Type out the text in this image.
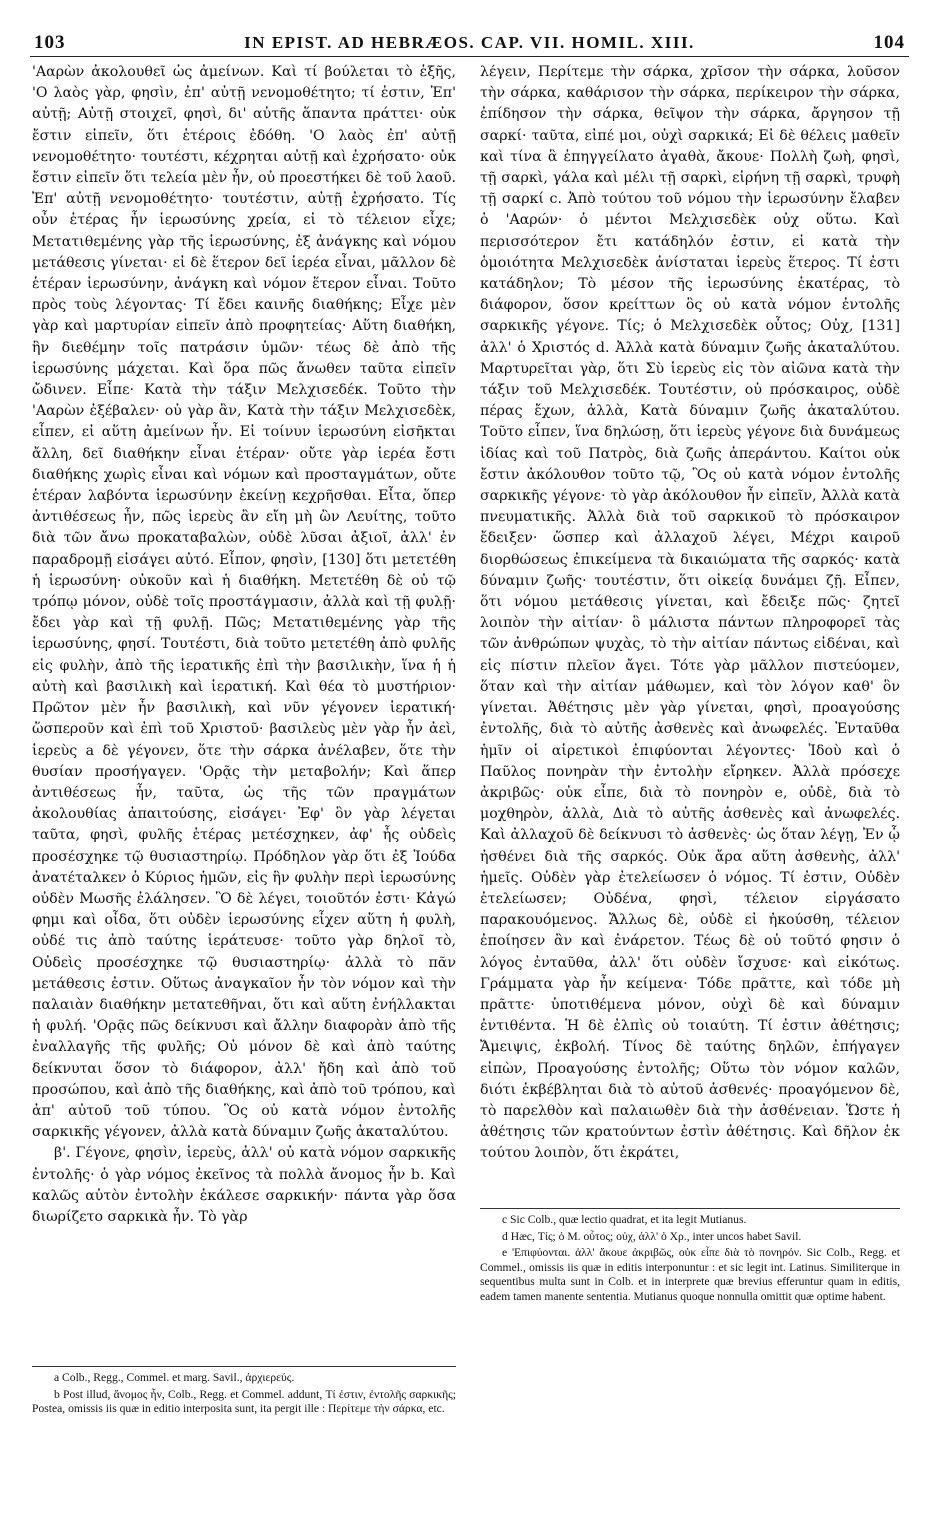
103	IN EPIST. AD HEBRÆOS. CAP. VII. HOMIL. XIII.	104

'Ααρὼν ἀκολουθεῖ ὡς ἀμείνων. Καὶ τί βούλεται τὸ ἑξῆς, 'Ο λαὸς γὰρ, φησὶν, ἐπ' αὐτῇ νενομοθέτητο; τί ἐστιν, Ἐπ' αὐτῇ; Αὐτῇ στοιχεῖ, φησὶ, δι' αὐτῆς ἅπαντα πράττει· οὐκ ἔστιν εἰπεῖν, ὅτι ἑτέροις ἐδόθη. 'Ο λαὸς ἐπ' αὐτῇ νενομοθέτητο· τουτέστι, κέχρηται αὐτῇ καὶ ἐχρήσατο· οὐκ ἔστιν εἰπεῖν ὅτι τελεία μὲν ἦν, οὐ προεστήκει δὲ τοῦ λαοῦ. Ἐπ' αὐτῇ νενομοθέτητο· τουτέστιν, αὐτῇ ἐχρήσατο. Τίς οὖν ἑτέρας ἦν ἱερωσύνης χρεία, εἰ τὸ τέλειον εἶχε; Μετατιθεμένης γὰρ τῆς ἱερωσύνης, ἐξ ἀνάγκης καὶ νόμου μετάθεσις γίνεται· εἰ δὲ ἕτερον δεῖ ἱερέα εἶναι, μᾶλλον δὲ ἑτέραν ἱερωσύνην, ἀνάγκη καὶ νόμον ἕτερον εἶναι. Τοῦτο πρὸς τοὺς λέγοντας· Τί ἔδει καινῆς διαθήκης; Εἶχε μὲν γὰρ καὶ μαρτυρίαν εἰπεῖν ἀπὸ προφητείας· Αὕτη διαθήκη, ἣν διεθέμην τοῖς πατράσιν ὑμῶν· τέως δὲ ἀπὸ τῆς ἱερωσύνης μάχεται. Καὶ ὅρα πῶς ἄνωθεν ταῦτα εἰπεῖν ὤδινεν. Εἶπε· Κατὰ τὴν τάξιν Μελχισεδέκ. Τοῦτο τὴν 'Ααρὼν ἐξέβαλεν· οὐ γὰρ ἂν, Κατὰ τὴν τάξιν Μελχισεδὲκ, εἶπεν, εἰ αὕτη ἀμείνων ἦν. Εἰ τοίνυν ἱερωσύνη εἰσῆκται ἄλλη, δεῖ διαθήκην εἶναι ἑτέραν· οὔτε γὰρ ἱερέα ἔστι διαθήκης χωρὶς εἶναι καὶ νόμων καὶ προσταγμάτων, οὔτε ἑτέραν λαβόντα ἱερωσύνην ἐκείνῃ κεχρῆσθαι. Εἶτα, ὅπερ ἀντιθέσεως ἦν, πῶς ἱερεὺς ἂν εἴη μὴ ὢν Λευίτης, τοῦτο διὰ τῶν ἄνω προκαταβαλὼν, οὐδὲ λῦσαι ἀξιοῖ, ἀλλ' ἐν παραδρομῇ εἰσάγει αὐτό. Εἶπον, φησὶν, [130] ὅτι μετετέθη ἡ ἱερωσύνη· οὐκοῦν καὶ ἡ διαθήκη. Μετετέθη δὲ οὐ τῷ τρόπῳ μόνον, οὐδὲ τοῖς προστάγμασιν, ἀλλὰ καὶ τῇ φυλῇ· ἔδει γὰρ καὶ τῇ φυλῇ. Πῶς; Μετατιθεμένης γὰρ τῆς ἱερωσύνης, φησί. Τουτέστι, διὰ τοῦτο μετετέθη ἀπὸ φυλῆς εἰς φυλὴν, ἀπὸ τῆς ἱερατικῆς ἐπὶ τὴν βασιλικὴν, ἵνα ἡ ἡ αὐτὴ καὶ βασιλικὴ καὶ ἱερατική. Καὶ θέα τὸ μυστήριον· Πρῶτον μὲν ἦν βασιλικὴ, καὶ νῦν γέγονεν ἱερατική· ὥσπεροῦν καὶ ἐπὶ τοῦ Χριστοῦ· βασιλεὺς μὲν γὰρ ἦν ἀεὶ, ἱερεὺς a δὲ γέγονεν, ὅτε τὴν σάρκα ἀνέλαβεν, ὅτε τὴν θυσίαν προσήγαγεν. 'Ορᾷς τὴν μεταβολήν; Καὶ ἅπερ ἀντιθέσεως ἦν, ταῦτα, ὡς τῆς τῶν πραγμάτων ἀκολουθίας ἀπαιτούσης, εἰσάγει· Ἐφ' ὃν γὰρ λέγεται ταῦτα, φησὶ, φυλῆς ἑτέρας μετέσχηκεν, ἀφ' ἧς οὐδεὶς προσέσχηκε τῷ θυσιαστηρίῳ. Πρόδηλον γὰρ ὅτι ἐξ Ἰούδα ἀνατέταλκεν ὁ Κύριος ἡμῶν, εἰς ἣν φυλὴν περὶ ἱερωσύνης οὐδὲν Μωσῆς ἐλάλησεν. Ὃ δὲ λέγει, τοιοῦτόν ἐστι· Κἀγώ φημι καὶ οἶδα, ὅτι οὐδὲν ἱερωσύνης εἶχεν αὕτη ἡ φυλὴ, οὐδέ τις ἀπὸ ταύτης ἱεράτευσε· τοῦτο γὰρ δηλοῖ τὸ, Οὐδεὶς προσέσχηκε τῷ θυσιαστηρίῳ· ἀλλὰ τὸ πᾶν μετάθεσις ἐστιν. Οὕτως ἀναγκαῖον ἦν τὸν νόμον καὶ τὴν παλαιὰν διαθήκην μετατεθῆναι, ὅτι καὶ αὕτη ἐνήλλακται ἡ φυλή. 'Ορᾷς πῶς δείκνυσι καὶ ἄλλην διαφορὰν ἀπὸ τῆς ἐναλλαγῆς τῆς φυλῆς; Οὐ μόνον δὲ καὶ ἀπὸ ταύτης δείκνυται ὅσον τὸ διάφορον, ἀλλ' ἤδη καὶ ἀπὸ τοῦ προσώπου, καὶ ἀπὸ τῆς διαθήκης, καὶ ἀπὸ τοῦ τρόπου, καὶ ἀπ' αὐτοῦ τοῦ τύπου. Ὃς οὐ κατὰ νόμον ἐντολῆς σαρκικῆς γέγονεν, ἀλλὰ κατὰ δύναμιν ζωῆς ἀκαταλύτου.

β'. Γέγονε, φησὶν, ἱερεὺς, ἀλλ' οὐ κατὰ νόμον σαρκικῆς ἐντολῆς· ὁ γὰρ νόμος ἐκεῖνος τὰ πολλὰ ἄνομος ἦν b. Καὶ καλῶς αὐτὸν ἐντολὴν ἐκάλεσε σαρκικήν· πάντα γὰρ ὅσα διωρίζετο σαρκικὰ ἦν. Τὸ γὰρ

λέγειν, Περίτεμε τὴν σάρκα, χρῖσον τὴν σάρκα, λοῦσον τὴν σάρκα, καθάρισον τὴν σάρκα, περίκειρον τὴν σάρκα, ἐπίδησον τὴν σάρκα, θεῖψον τὴν σάρκα, ἄργησον τῇ σαρκί· ταῦτα, εἰπέ μοι, οὐχὶ σαρκικά; Εἰ δὲ θέλεις μαθεῖν καὶ τίνα ἃ ἐπηγγείλατο ἀγαθὰ, ἄκουε· Πολλὴ ζωὴ, φησὶ, τῇ σαρκὶ, γάλα καὶ μέλι τῇ σαρκὶ, εἰρήνη τῇ σαρκὶ, τρυφὴ τῇ σαρκί c. Ἀπὸ τούτου τοῦ νόμου τὴν ἱερωσύνην ἔλαβεν ὁ 'Ααρών· ὁ μέντοι Μελχισεδὲκ οὐχ οὕτω. Καὶ περισσότερον ἔτι κατάδηλόν ἐστιν, εἰ κατὰ τὴν ὁμοιότητα Μελχισεδὲκ ἀνίσταται ἱερεὺς ἕτερος. Τί ἐστι κατάδηλον; Τὸ μέσον τῆς ἱερωσύνης ἑκατέρας, τὸ διάφορον, ὅσον κρείττων ὃς οὐ κατὰ νόμον ἐντολῆς σαρκικῆς γέγονε. Τίς; ὁ Μελχισεδὲκ οὗτος; Οὐχ, [131] ἀλλ' ὁ Χριστός d. Ἀλλὰ κατὰ δύναμιν ζωῆς ἀκαταλύτου. Μαρτυρεῖται γὰρ, ὅτι Σὺ ἱερεὺς εἰς τὸν αἰῶνα κατὰ τὴν τάξιν τοῦ Μελχισεδέκ. Τουτέστιν, οὐ πρόσκαιρος, οὐδὲ πέρας ἔχων, ἀλλὰ, Κατὰ δύναμιν ζωῆς ἀκαταλύτου. Τοῦτο εἶπεν, ἵνα δηλώσῃ, ὅτι ἱερεὺς γέγονε διὰ δυνάμεως ἰδίας καὶ τοῦ Πατρὸς, διὰ ζωῆς ἀπεράντου. Καίτοι οὐκ ἔστιν ἀκόλουθον τοῦτο τῷ, Ὃς οὐ κατὰ νόμον ἐντολῆς σαρκικῆς γέγονε· τὸ γὰρ ἀκόλουθον ἦν εἰπεῖν, Ἀλλὰ κατὰ πνευματικῆς. Ἀλλὰ διὰ τοῦ σαρκικοῦ τὸ πρόσκαιρον ἔδειξεν· ὥσπερ καὶ ἀλλαχοῦ λέγει, Μέχρι καιροῦ διορθώσεως ἐπικείμενα τὰ δικαιώματα τῆς σαρκός· κατὰ δύναμιν ζωῆς· τουτέστιν, ὅτι οἰκείᾳ δυνάμει ζῇ. Εἶπεν, ὅτι νόμου μετάθεσις γίνεται, καὶ ἔδειξε πῶς· ζητεῖ λοιπὸν τὴν αἰτίαν· ὃ μάλιστα πάντων πληροφορεῖ τὰς τῶν ἀνθρώπων ψυχὰς, τὸ τὴν αἰτίαν πάντως εἰδέναι, καὶ εἰς πίστιν πλεῖον ἄγει. Τότε γὰρ μᾶλλον πιστεύομεν, ὅταν καὶ τὴν αἰτίαν μάθωμεν, καὶ τὸν λόγον καθ' ὃν γίνεται. Ἀθέτησις μὲν γὰρ γίνεται, φησὶ, προαγούσης ἐντολῆς, διὰ τὸ αὐτῆς ἀσθενὲς καὶ ἀνωφελές. Ἐνταῦθα ἡμῖν οἱ αἱρετικοὶ ἐπιφύονται λέγοντες· Ἰδοὺ καὶ ὁ Παῦλος πονηρὰν τὴν ἐντολὴν εἴρηκεν. Ἀλλὰ πρόσεχε ἀκριβῶς· οὐκ εἶπε, διὰ τὸ πονηρὸν e, οὐδὲ, διὰ τὸ μοχθηρὸν, ἀλλὰ, Διὰ τὸ αὐτῆς ἀσθενὲς καὶ ἀνωφελές. Καὶ ἀλλαχοῦ δὲ δείκνυσι τὸ ἀσθενὲς· ὡς ὅταν λέγῃ, Ἐν ᾧ ἠσθένει διὰ τῆς σαρκός. Οὐκ ἄρα αὕτη ἀσθενὴς, ἀλλ' ἡμεῖς. Οὐδὲν γὰρ ἐτελείωσεν ὁ νόμος. Τί ἐστιν, Οὐδὲν ἐτελείωσεν; Οὐδένα, φησὶ, τέλειον εἰργάσατο παρακουόμενος. Ἄλλως δὲ, οὐδὲ εἰ ἠκούσθη, τέλειον ἐποίησεν ἂν καὶ ἐνάρετον. Τέως δὲ οὐ τοῦτό φησιν ὁ λόγος ἐνταῦθα, ἀλλ' ὅτι οὐδὲν ἴσχυσε· καὶ εἰκότως. Γράμματα γὰρ ἦν κείμενα· Τόδε πρᾶττε, καὶ τόδε μὴ πρᾶττε· ὑποτιθέμενα μόνον, οὐχὶ δὲ καὶ δύναμιν ἐντιθέντα. Ἡ δὲ ἐλπὶς οὐ τοιαύτη. Τί ἐστιν ἀθέτησις; Ἄμειψις, ἐκβολή. Τίνος δὲ ταύτης δηλῶν, ἐπήγαγεν εἰπὼν, Προαγούσης ἐντολῆς; Οὕτω τὸν νόμον καλῶν, διότι ἐκβέβληται διὰ τὸ αὐτοῦ ἀσθενές· προαγόμενον δὲ, τὸ παρελθὸν καὶ παλαιωθὲν διὰ τὴν ἀσθένειαν. Ὥστε ἡ ἀθέτησις τῶν κρατούντων ἐστὶν ἀθέτησις. Καὶ δῆλον ἐκ τούτου λοιπὸν, ὅτι ἐκράτει,

a Colb., Regg., Commel. et marg. Savil., ἀρχιερεύς.

b Post illud, ἄνομος ἦν, Colb., Regg. et Commel. addunt, Τί ἐστιν, ἐντολῆς σαρκικῆς; Postea, omissis iis quæ in editio interposita sunt, ita pergit ille : Περίτεμε τὴν σάρκα, etc.

c Sic Colb., quæ lectio quadrat, et ita legit Mutianus.

d Hæc, Τίς; ὁ Μ. οὗτος; οὐχ, ἀλλ' ὁ Χρ., inter uncos habet Savil.

e 'Επιφύονται. ἀλλ' ἄκουε ἀκριβῶς, οὐκ εἶπε διὰ τὸ πονηρόν. Sic Colb., Regg. et Commel., omissis iis quæ in editis interponuntur : et sic legit int. Latinus. Similiterque in sequentibus multa sunt in Colb. et in interprete quæ brevius efferuntur quam in editis, eadem tamen manente sententia. Mutianus quoque nonnulla omittit quæ optime habent.
